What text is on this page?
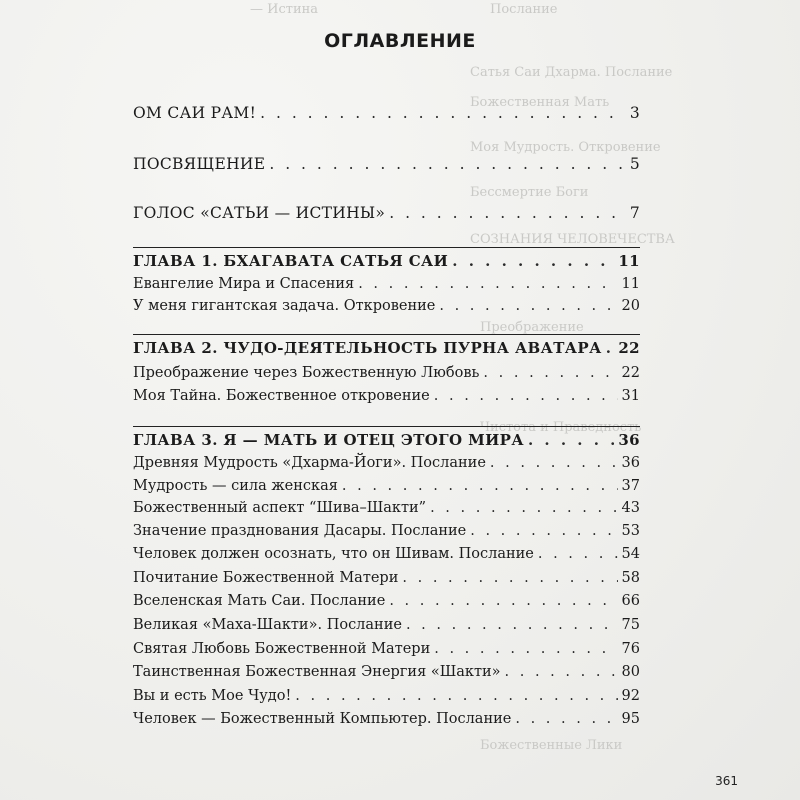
— Истина	Послание
Сатья Саи Дхарма. Послание
Божественная Мать
Моя Мудрость. Откровение
Бессмертие Боги
СОЗНАНИЯ ЧЕЛОВЕЧЕСТВА
Преображение
Чистота и Праведность
Божественные Лики
ОГЛАВЛЕНИЕ
ОМ САИ РАМ! . . .	3
ПОСВЯЩЕНИЕ . . .	5
ГОЛОС «САТЬИ — ИСТИНЫ» . . .	7
ГЛАВА 1. БХАГАВАТА САТЬЯ САИ . . .	11
Евангелие Мира и Спасения . . .	11
У меня гигантская задача. Откровение . . .	20
ГЛАВА 2. ЧУДО-ДЕЯТЕЛЬНОСТЬ ПУРНА АВАТАРА . . . 22
Преображение через Божественную Любовь . . .	22
Моя Тайна. Божественное откровение . . .	31
ГЛАВА 3. Я — МАТЬ И ОТЕЦ ЭТОГО МИРА . . .	36
Древняя Мудрость «Дхарма-Йоги». Послание . . .	36
Мудрость — сила женская . . .	37
Божественный аспект “Шива–Шакти” . . .	43
Значение празднования Дасары. Послание . . .	53
Человек должен осознать, что он Шивам. Послание . . .	54
Почитание Божественной Матери . . .	58
Вселенская Мать Саи. Послание . . .	66
Великая «Маха-Шакти». Послание . . .	75
Святая Любовь Божественной Матери . . .	76
Таинственная Божественная Энергия «Шакти» . . .	80
Вы и есть Мое Чудо! . . .	92
Человек — Божественный Компьютер. Послание . . .	95
361
